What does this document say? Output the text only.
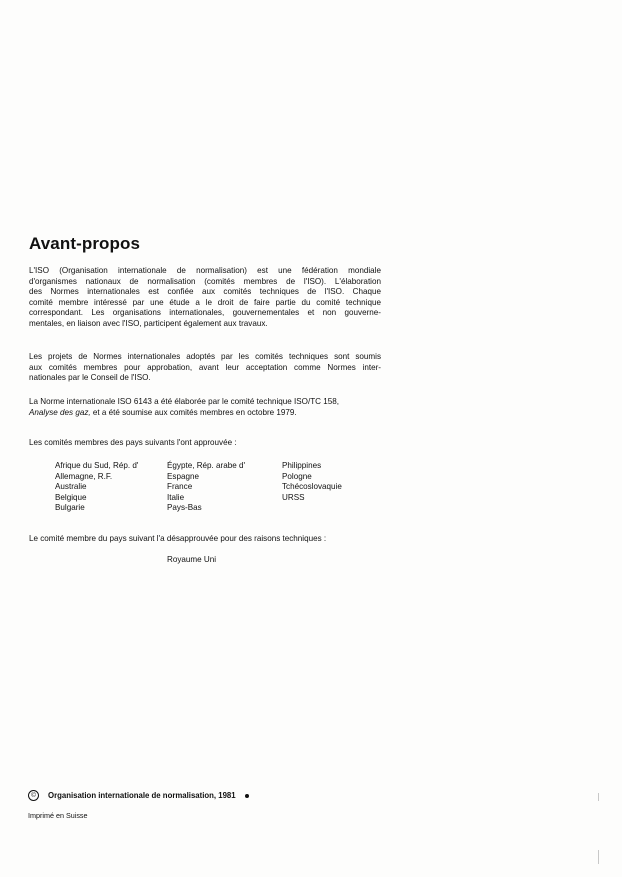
Avant-propos
L'ISO (Organisation internationale de normalisation) est une fédération mondiale
d'organismes nationaux de normalisation (comités membres de l'ISO). L'élaboration
des Normes internationales est confiée aux comités techniques de l'ISO. Chaque
comité membre intéressé par une étude a le droit de faire partie du comité technique
correspondant. Les organisations internationales, gouvernementales et non gouverne-
mentales, en liaison avec l'ISO, participent également aux travaux.
Les projets de Normes internationales adoptés par les comités techniques sont soumis
aux comités membres pour approbation, avant leur acceptation comme Normes inter-
nationales par le Conseil de l'ISO.
La Norme internationale ISO 6143 a été élaborée par le comité technique ISO/TC 158,
Analyse des gaz, et a été soumise aux comités membres en octobre 1979.
Les comités membres des pays suivants l'ont approuvée :
Afrique du Sud, Rép. d'
Allemagne, R.F.
Australie
Belgique
Bulgarie
Égypte, Rép. arabe d'
Espagne
France
Italie
Pays-Bas
Philippines
Pologne
Tchécoslovaquie
URSS
Le comité membre du pays suivant l'a désapprouvée pour des raisons techniques :
Royaume Uni
©	Organisation internationale de normalisation, 1981
Imprimé en Suisse
